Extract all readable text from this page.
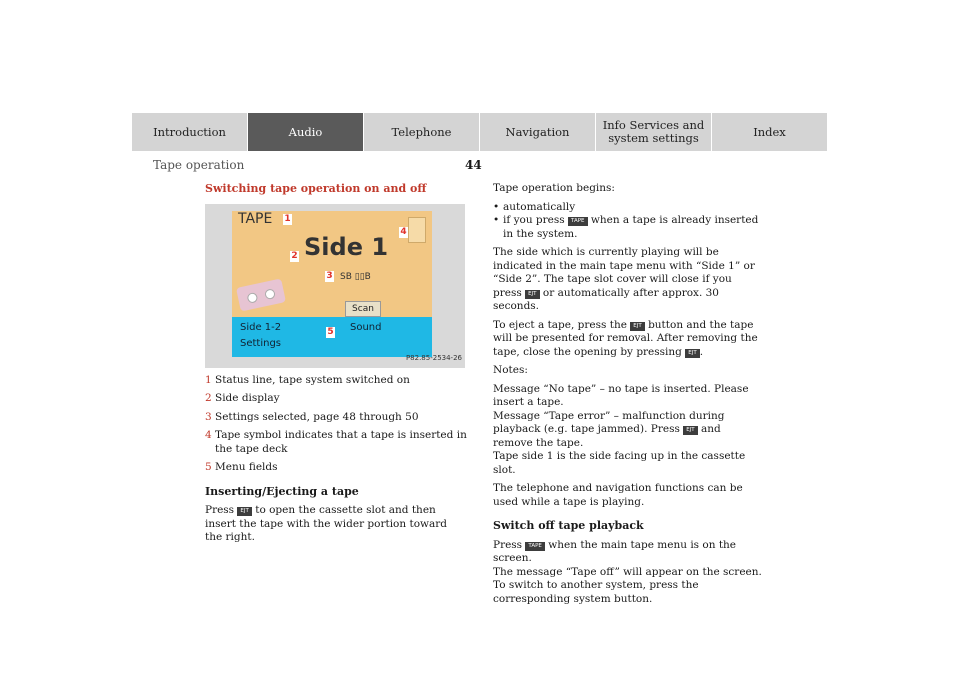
Introduction	Audio	Telephone	Navigation	Info Services and
system settings	Index
Tape operation	44
Switching tape operation on and off
TAPE
Side 1
SB ▯▯B
Scan
Side 1-2	Sound
Settings
1
2
3
4
5
P82.85-2534-26
1 Status line, tape system switched on
2 Side display
3 Settings selected, page 48 through 50
4 Tape symbol indicates that a tape is inserted in the tape deck
5 Menu fields
Inserting/Ejecting a tape

Press EJT to open the cassette slot and then insert the tape with the wider portion toward the right.

Tape operation begins:

• automatically
• if you press TAPE when a tape is already inserted in the system.

The side which is currently playing will be indicated in the main tape menu with “Side 1” or “Side 2”. The tape slot cover will close if you press EJT or automatically after approx. 30 seconds.

To eject a tape, press the EJT button and the tape will be presented for removal. After removing the tape, close the opening by pressing EJT .

Notes:

Message “No tape” – no tape is inserted. Please insert a tape.

Message “Tape error” – malfunction during playback (e.g. tape jammed). Press EJT and remove the tape.

Tape side 1 is the side facing up in the cassette slot.

The telephone and navigation functions can be used while a tape is playing.

Switch off tape playback

Press TAPE when the main tape menu is on the screen.

The message “Tape off” will appear on the screen.

To switch to another system, press the corresponding system button.
